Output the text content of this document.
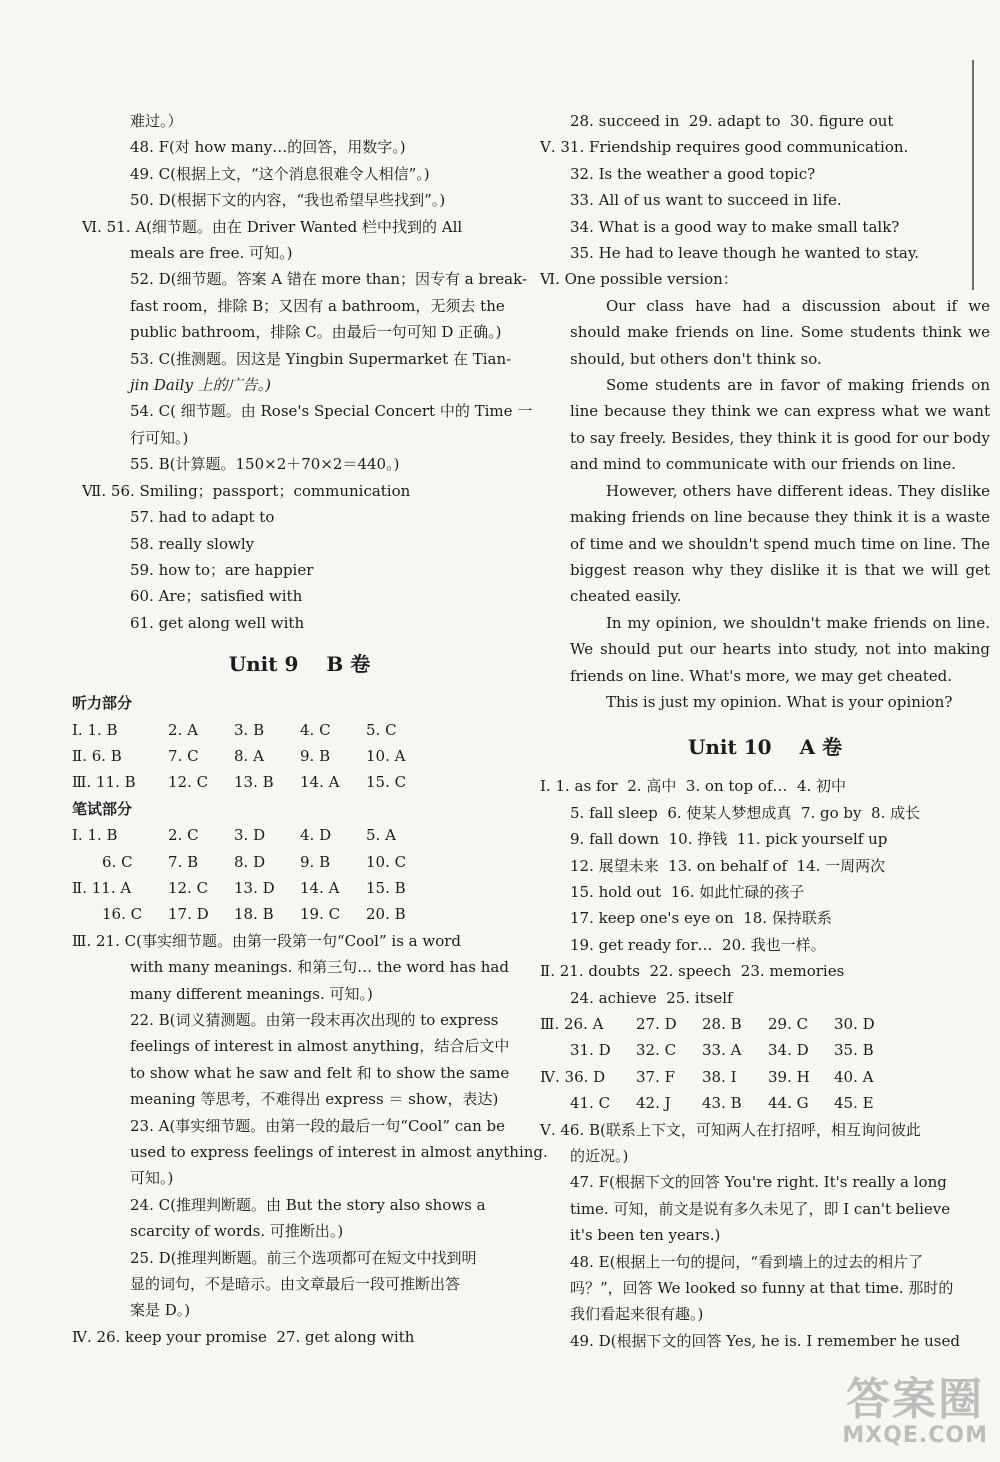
难过。）
48. F(对 how many…的回答，用数字。)
49. C(根据上文，“这个消息很难令人相信”。)
50. D(根据下文的内容，“我也希望早些找到”。)
Ⅵ. 51. A(细节题。由在 Driver Wanted 栏中找到的 All
meals are free. 可知。)
52. D(细节题。答案 A 错在 more than；因专有 a break-
fast room，排除 B；又因有 a bathroom，无须去 the
public bathroom，排除 C。由最后一句可知 D 正确。)
53. C(推测题。因这是 Yingbin Supermarket 在 Tian-
jin Daily 上的广告。)
54. C( 细节题。由 Rose's Special Concert 中的 Time 一
行可知。)
55. B(计算题。150×2＋70×2＝440。)
Ⅶ. 56. Smiling；passport；communication
57. had to adapt to
58. really slowly
59. how to；are happier
60. Are；satisfied with
61. get along well with
Unit 9 B 卷
听力部分
Ⅰ. 1. B	2. A	3. B	4. C	5. C
Ⅱ. 6. B	7. C	8. A	9. B	10. A
Ⅲ. 11. B	12. C	13. B	14. A	15. C
笔试部分
Ⅰ. 1. B	2. C	3. D	4. D	5. A
6. C	7. B	8. D	9. B	10. C
Ⅱ. 11. A	12. C	13. D	14. A	15. B
16. C	17. D	18. B	19. C	20. B
Ⅲ. 21. C(事实细节题。由第一段第一句“Cool” is a word
with many meanings. 和第三句… the word has had
many different meanings. 可知。)
22. B(词义猜测题。由第一段末再次出现的 to express
feelings of interest in almost anything，结合后文中
to show what he saw and felt 和 to show the same
meaning 等思考，不难得出 express ＝ show，表达)
23. A(事实细节题。由第一段的最后一句“Cool” can be
used to express feelings of interest in almost anything.
可知。)
24. C(推理判断题。由 But the story also shows a
scarcity of words. 可推断出。)
25. D(推理判断题。前三个选项都可在短文中找到明
显的词句，不是暗示。由文章最后一段可推断出答
案是 D。)
Ⅳ. 26. keep your promise  27. get along with
28. succeed in  29. adapt to  30. figure out
Ⅴ. 31. Friendship requires good communication.
32. Is the weather a good topic?
33. All of us want to succeed in life.
34. What is a good way to make small talk?
35. He had to leave though he wanted to stay.
Ⅵ. One possible version：
Our class have had a discussion about if we should make friends on line. Some students think we should, but others don't think so.
Some students are in favor of making friends on line because they think we can express what we want to say freely. Besides, they think it is good for our body and mind to communicate with our friends on line.
However, others have different ideas. They dislike making friends on line because they think it is a waste of time and we shouldn't spend much time on line. The biggest reason why they dislike it is that we will get cheated easily.
In my opinion, we shouldn't make friends on line. We should put our hearts into study, not into making friends on line. What's more, we may get cheated.
This is just my opinion. What is your opinion?
Unit 10 A 卷
Ⅰ. 1. as for  2. 高中  3. on top of…  4. 初中
5. fall sleep  6. 使某人梦想成真  7. go by  8. 成长
9. fall down  10. 挣钱  11. pick yourself up
12. 展望未来  13. on behalf of  14. 一周两次
15. hold out  16. 如此忙碌的孩子
17. keep one's eye on  18. 保持联系
19. get ready for…  20. 我也一样。
Ⅱ. 21. doubts  22. speech  23. memories
24. achieve  25. itself
Ⅲ. 26. A	27. D	28. B	29. C	30. D
31. D	32. C	33. A	34. D	35. B
Ⅳ. 36. D	37. F	38. I	39. H	40. A
41. C	42. J	43. B	44. G	45. E
Ⅴ. 46. B(联系上下文，可知两人在打招呼，相互询问彼此
的近况。)
47. F(根据下文的回答 You're right. It's really a long
time. 可知，前文是说有多久未见了，即 I can't believe
it's been ten years.)
48. E(根据上一句的提问，“看到墙上的过去的相片了
吗？”，回答 We looked so funny at that time. 那时的
我们看起来很有趣。)
49. D(根据下文的回答 Yes, he is. I remember he used
答案圈
MXQE.COM
